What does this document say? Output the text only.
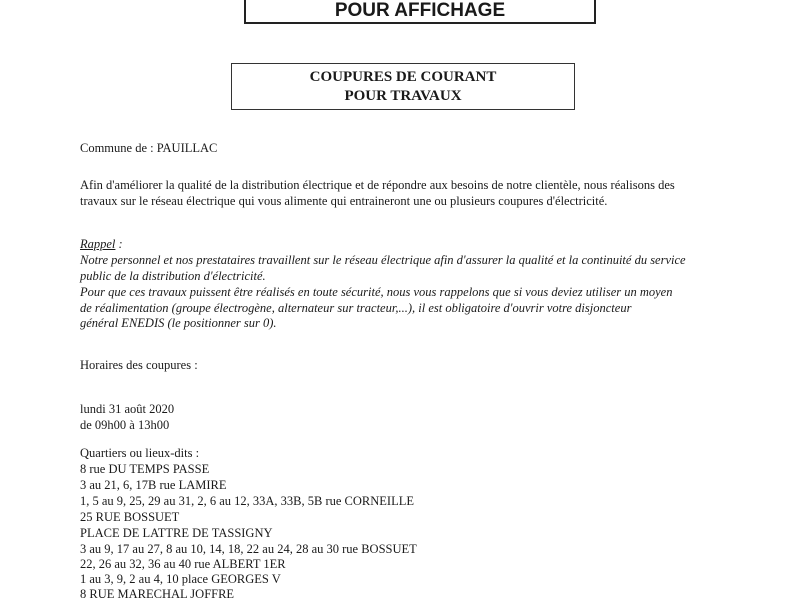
POUR AFFICHAGE
COUPURES DE COURANT
POUR TRAVAUX
Commune de : PAUILLAC
Afin d'améliorer la qualité de la distribution électrique et de répondre aux besoins de notre clientèle, nous réalisons des
travaux sur le réseau électrique qui vous alimente qui entraineront une ou plusieurs coupures d'électricité.
Rappel :
Notre personnel et nos prestataires travaillent sur le réseau électrique afin d'assurer la qualité et la continuité du service
public de la distribution d'électricité.
Pour que ces travaux puissent être réalisés en toute sécurité, nous vous rappelons que si vous deviez utiliser un moyen
de réalimentation (groupe électrogène, alternateur sur tracteur,...), il est obligatoire d'ouvrir votre disjoncteur
général ENEDIS (le positionner sur 0).
Horaires des coupures :
lundi 31 août 2020
de 09h00 à 13h00
Quartiers ou lieux-dits :
8 rue DU TEMPS PASSE
3 au 21, 6, 17B rue LAMIRE
1, 5 au 9, 25, 29 au 31, 2, 6 au 12, 33A, 33B, 5B rue CORNEILLE
25 RUE BOSSUET
PLACE DE LATTRE DE TASSIGNY
3 au 9, 17 au 27, 8 au 10, 14, 18, 22 au 24, 28 au 30 rue BOSSUET
22, 26 au 32, 36 au 40 rue ALBERT 1ER
1 au 3, 9, 2 au 4, 10 place GEORGES V
8 RUE MARECHAL JOFFRE
